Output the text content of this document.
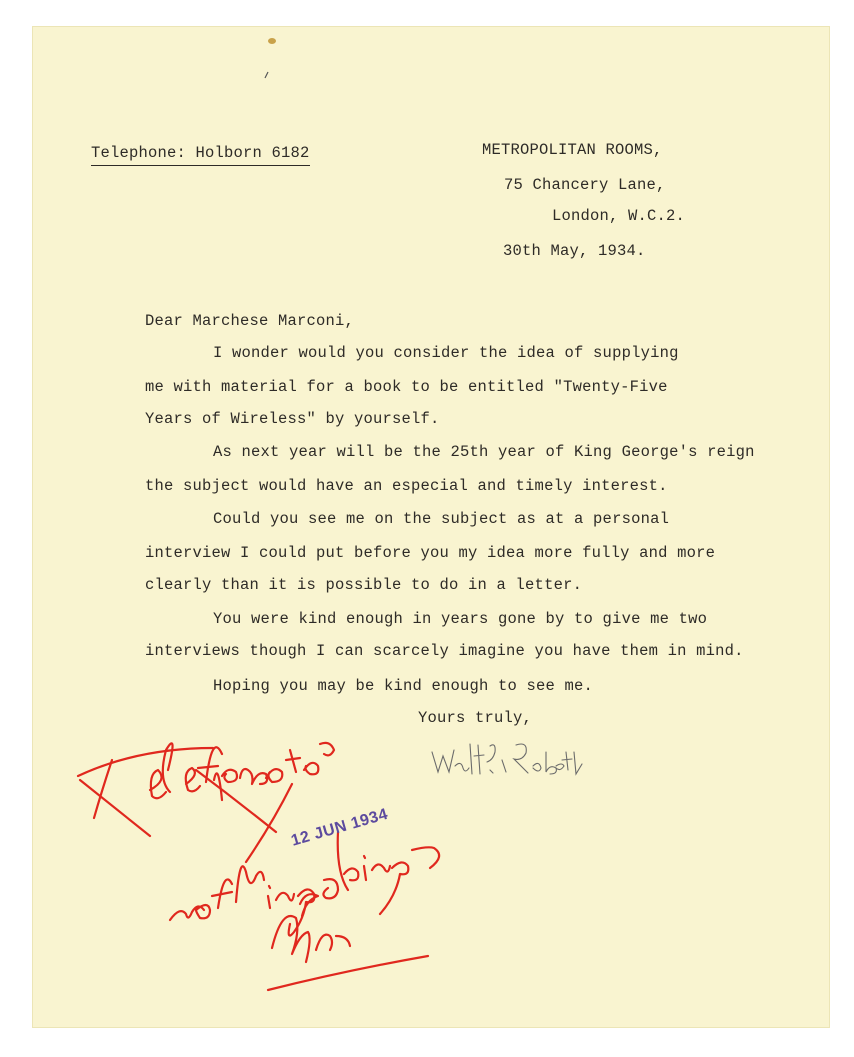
Telephone: Holborn 6182	METROPOLITAN ROOMS,
75 Chancery Lane,
London, W.C.2.
30th May, 1934.
Dear Marchese Marconi,
I wonder would you consider the idea of supplying
me with material for a book to be entitled "Twenty-Five
Years of Wireless" by yourself.
As next year will be the 25th year of King George's reign
the subject would have an especial and timely interest.
Could you see me on the subject as at a personal
interview I could put before you my idea more fully and more
clearly than it is possible to do in a letter.
You were kind enough in years gone by to give me two
interviews though I can scarcely imagine you have them in mind.
Hoping you may be kind enough to see me.
Yours truly,
12 JUN 1934
